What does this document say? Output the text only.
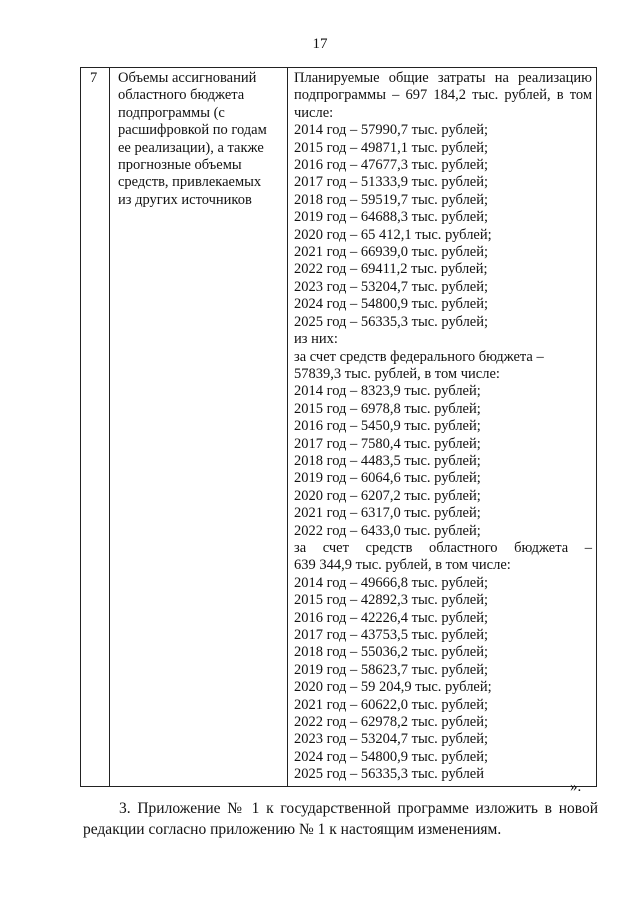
17
7	Объемы ассигнований
областного бюджета
подпрограммы (с
расшифровкой по годам
ее реализации), а также
прогнозные объемы
средств, привлекаемых
из других источников

Планируемые общие затраты на реализацию
подпрограммы – 697 184,2 тыс. рублей, в том
числе:
2014 год – 57990,7 тыс. рублей;
2015 год – 49871,1 тыс. рублей;
2016 год – 47677,3 тыс. рублей;
2017 год – 51333,9 тыс. рублей;
2018 год – 59519,7 тыс. рублей;
2019 год – 64688,3 тыс. рублей;
2020 год – 65 412,1 тыс. рублей;
2021 год – 66939,0 тыс. рублей;
2022 год – 69411,2 тыс. рублей;
2023 год – 53204,7 тыс. рублей;
2024 год – 54800,9 тыс. рублей;
2025 год – 56335,3 тыс. рублей;
из них:
за счет средств федерального бюджета –
57839,3 тыс. рублей, в том числе:
2014 год – 8323,9 тыс. рублей;
2015 год – 6978,8 тыс. рублей;
2016 год – 5450,9 тыс. рублей;
2017 год – 7580,4 тыс. рублей;
2018 год – 4483,5 тыс. рублей;
2019 год – 6064,6 тыс. рублей;
2020 год – 6207,2 тыс. рублей;
2021 год – 6317,0 тыс. рублей;
2022 год – 6433,0 тыс. рублей;
за счет средств областного бюджета –
639 344,9 тыс. рублей, в том числе:
2014 год – 49666,8 тыс. рублей;
2015 год – 42892,3 тыс. рублей;
2016 год – 42226,4 тыс. рублей;
2017 год – 43753,5 тыс. рублей;
2018 год – 55036,2 тыс. рублей;
2019 год – 58623,7 тыс. рублей;
2020 год – 59 204,9 тыс. рублей;
2021 год – 60622,0 тыс. рублей;
2022 год – 62978,2 тыс. рублей;
2023 год – 53204,7 тыс. рублей;
2024 год – 54800,9 тыс. рублей;
2025 год – 56335,3 тыс. рублей
».
3. Приложение № 1 к государственной программе изложить в новой
редакции согласно приложению № 1 к настоящим изменениям.
